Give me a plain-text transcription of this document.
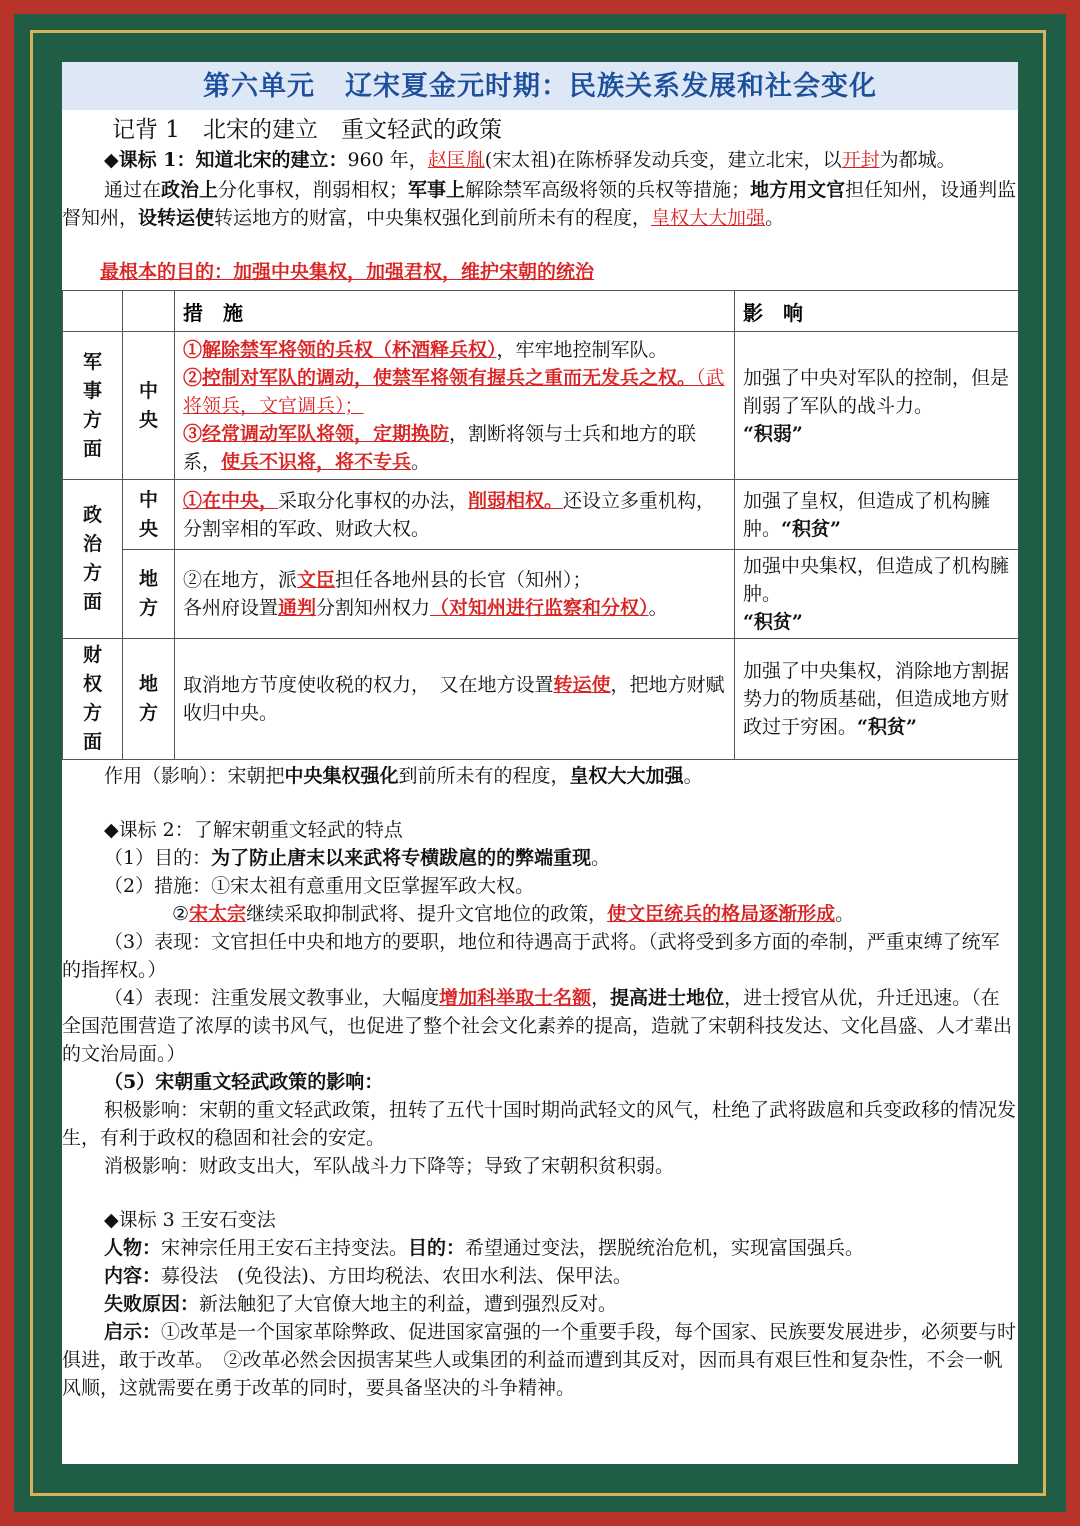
第六单元 辽宋夏金元时期：民族关系发展和社会变化
记背 1　 北宋的建立　重文轻武的政策

◆课标 1：知道北宋的建立：960 年，赵匡胤(宋太祖)在陈桥驿发动兵变，建立北宋，以开封为都城。

通过在政治上分化事权，削弱相权；军事上解除禁军高级将领的兵权等措施；地方用文官担任知州，设通判监督知州，设转运使转运地方的财富，中央集权强化到前所未有的程度，皇权大大加强。

最根本的目的：加强中央集权，加强君权，维护宋朝的统治

		措　施	影　响

军事方面	中央	①解除禁军将领的兵权（杯酒释兵权），牢牢地控制军队。
②控制对军队的调动，使禁军将领有握兵之重而无发兵之权。（武将领兵，文官调兵）；
③经常调动军队将领，定期换防，割断将领与士兵和地方的联系，使兵不识将，将不专兵。	加强了中央对军队的控制，但是削弱了军队的战斗力。
“积弱”

政治方面	中央	①在中央，采取分化事权的办法，削弱相权。还设立多重机构，分割宰相的军政、财政大权。	加强了皇权，但造成了机构臃肿。“积贫”

	地方	②在地方，派文臣担任各地州县的长官（知州）；
各州府设置通判分割知州权力（对知州进行监察和分权）。	加强中央集权，但造成了机构臃肿。
“积贫”

财权方面	地方	取消地方节度使收税的权力，　又在地方设置转运使，把地方财赋收归中央。	加强了中央集权，消除地方割据势力的物质基础，但造成地方财政过于穷困。“积贫”

作用（影响）：宋朝把中央集权强化到前所未有的程度，皇权大大加强。

◆课标 2：了解宋朝重文轻武的特点

（1）目的：为了防止唐末以来武将专横跋扈的的弊端重现。

（2）措施：①宋太祖有意重用文臣掌握军政大权。

②宋太宗继续采取抑制武将、提升文官地位的政策，使文臣统兵的格局逐渐形成。

（3）表现：文官担任中央和地方的要职，地位和待遇高于武将。（武将受到多方面的牵制，严重束缚了统军的指挥权。）

（4）表现：注重发展文教事业，大幅度增加科举取士名额，提高进士地位，进士授官从优，升迁迅速。（在全国范围营造了浓厚的读书风气，也促进了整个社会文化素养的提高，造就了宋朝科技发达、文化昌盛、人才辈出的文治局面。）

（5）宋朝重文轻武政策的影响：

积极影响：宋朝的重文轻武政策，扭转了五代十国时期尚武轻文的风气，杜绝了武将跋扈和兵变政移的情况发生，有利于政权的稳固和社会的安定。

消极影响：财政支出大，军队战斗力下降等；导致了宋朝积贫积弱。

◆课标 3 王安石变法

人物：宋神宗任用王安石主持变法。目的：希望通过变法，摆脱统治危机，实现富国强兵。

内容：募役法　(免役法)、方田均税法、农田水利法、保甲法。

失败原因：新法触犯了大官僚大地主的利益，遭到强烈反对。

启示：①改革是一个国家革除弊政、促进国家富强的一个重要手段，每个国家、民族要发展进步，必须要与时俱进，敢于改革。　②改革必然会因损害某些人或集团的利益而遭到其反对，因而具有艰巨性和复杂性，不会一帆风顺，这就需要在勇于改革的同时，要具备坚决的斗争精神。
